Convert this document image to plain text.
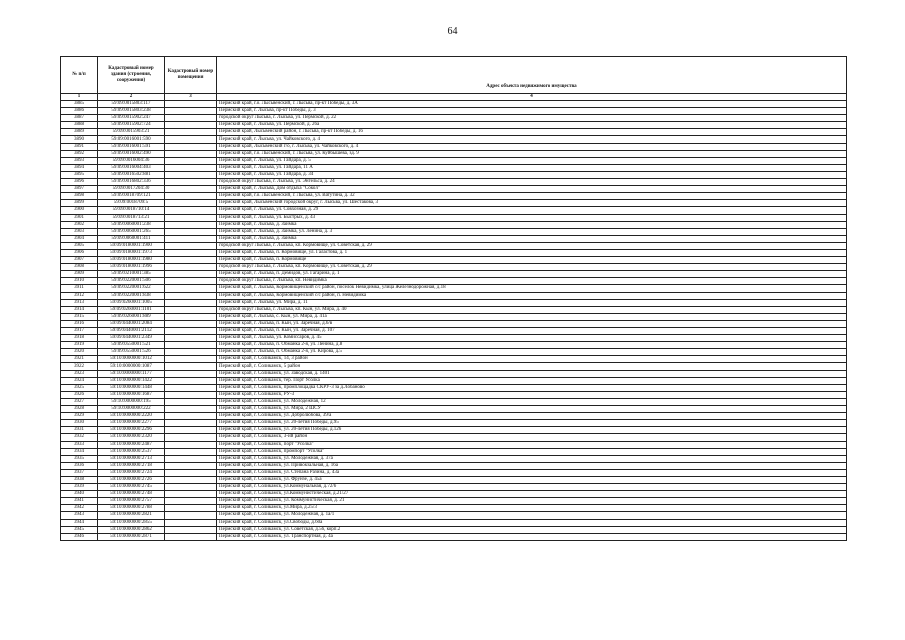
64
№ п/п	Кадастровый номер здания (строения, сооружения)	Кадастровый номер помещения	Адрес объекта недвижимого имущества
1	2	3	4
3885	59:09:0015803:117		Пермский край, г.о. Лысьвенский, г. Лысьва, пр-кт Победы, д. 3А
3886	59:09:0015803:238		Пермский край, г. Лысьва, пр-кт Победы, д. 3
3887	59:09:0015902:247		городской округ Лысьва, г. Лысьва, ул. Пермской, д. 22
3888	59:09:0015902:724		Пермский край, г. Лысьва, ул. Пермской, д. 26а
3889	59:09:0015903:21		Пермский край, Лысьвенский район, г. Лысьва, пр-кт Победы, д. 16
3890	59:09:0016001:590		Пермский край, г. Лысьва, ул. Чайковского, д. 4
3891	59:09:0016001:591		Пермский край, Лысьвенский г/о, г. Лысьва, ул. Чайковского, д. 4
3892	59:09:0016002:490		Пермский край, г.о. Лысьвенский, г. Лысьва, ул. Куйбышева, зд. 9
3893	59:09:0016004:36		Пермский край, г. Лысьва, ул. Гайдара, д. 5
3894	59:09:0016004:403		Пермский край, г. Лысьва, ул. Гайдара, 11 А
3895	59:09:0016502:881		Пермский край, г. Лысьва, ул. Гайдара, д. 34
3896	59:09:0016802:336		городской округ Лысьва, г. Лысьва, ул. Энгельса, д. 24
3897	59:09:0017204:30		Пермский край, г. Лысьва, Дом отдыха "Сокол"
3898	59:09:0018709:121		Пермский край, г.о. Лысьвенский, г. Лысьва, ул. Ватутина, д. 32
3899	59:09:0018709:5		Пермский край, Лысьвенский городской округ, г. Лысьва, ул. Шестакова, 3
3900	59:09:0018710:14		Пермский край, г. Лысьва, ул. Совхозная, д. 29
3901	59:09:0018713:21		Пермский край, г. Лысьва, ул. Быстрых, д. 43
3902	59:09:0060001:238		Пермский край, г. Лысьва, д. Заимка
3903	59:09:0060001:265		Пермский край, г. Лысьва, д. Заимка, ул. Ленина, д. 3
3904	59:09:0060001:411		Пермский край, г. Лысьва, д. Заимка
3905	59:09:0180001:1900		городской округ Лысьва, г. Лысьва, кп. Кормовище, ул. Советская, д. 29
3906	59:09:0180001:1973		Пермский край, г. Лысьва, п. Кормовище, ул. Галастова, д. 1
3907	59:09:0180001:1980		Пермский край, г. Лысьва, п. Кормовище
3908	59:09:0180001:1996		городской округ Лысьва, г. Лысьва, кп. Кормовище, ул. Советская, д. 29
3909	59:09:0210001:385		Пермский край, г. Лысьва, п. Демидов, ул. Гагарина, д. 1
3910	59:09:0220001:506		городской округ Лысьва, г. Лысьва, кп. Невидимка
3911	59:09:0220001:622		Пермский край, г. Лысьва, Кормовищенский с/с район, поселок Невидимка, улица Железнодорожная, д.18
3912	59:09:0220001:838		Пермский край, г. Лысьва, Кормовищенский с/с район, п. Невидимка
3913	59:09:0260001:1005		Пермский край, г. Лысьва, ул. Мира, д. 11
3914	59:09:0260001:1101		городской округ Лысьва, г. Лысьва, кп. Кын, ул. Мира, д. 40
3915	59:09:0260001:889		Пермский край, г. Лысьва, с. Кын, ул. Мира, д. 41а
3916	59:09:0440001:2084		Пермский край, г. Лысьва, п. Кын, ул. Заречная, д.6/в
3917	59:09:0440001:2112		Пермский край, г. Лысьва, п. Кын, ул. Заречная, д. 107
3918	59:09:0440001:2349		Пермский край, г. Лысьва, ул. Комиссаров, д. 45
3919	59:09:0550001:521		Пермский край, г. Лысьва, п. Обманка 2-я, ул. Ленина, д.8
3920	59:09:0550001:526		Пермский край, г. Лысьва, п. Обманка 2-я, ул. Кирова, д.5
3921	59:10:0000000:1012		Пермский край, г. Соликамск, 14, 3 район
3922	59:10:0000000:1087		Пермский край, г. Соликамск, 5 район
3923	59:10:0000000:1177		Пермский край, г. Соликамск, ул. Заводская, д. 1401
3924	59:10:0000000:1422		Пермский край, г. Соликамск, тер. Порт Усолка
3925	59:10:0000000:1448		Пермский край, г. Соликамск, промплощадка СКРУ-3 за д.Лобаново
3926	59:10:0000000:1687		Пермский край, г. Соликамск, РУ-3
3927	59:10:0000000:195		Пермский край, г. Соликамск, ул. Молодежная, 12
3928	59:10:0000000:222		Пермский край, г. Соликамск, ул. Мира, 2 ШСУ
3929	59:10:0000000:2220		Пермский край, г. Соликамск, ул. Добролюбова, 39/а
3930	59:10:0000000:2277		Пермский край, г. Соликамск, ул. 20-летия Победы, д.95
3931	59:10:0000000:2296		Пермский край, г. Соликамск, ул. 20-летия Победы, д.126
3932	59:10:0000000:2320		Пермский край, г. Соликамск, 3-ий район
3933	59:10:0000000:2487		Пермский край, г. Соликамск, порт "Усолка"
3934	59:10:0000000:2537		Пермский край, г. Соликамск, промпорт "Усолка"
3935	59:10:0000000:2713		Пермский край, г. Соликамск, ул. Молодежная, д. 37а
3936	59:10:0000000:2718		Пермский край, г. Соликамск, ул. Привокзальная, д. 16а
3937	59:10:0000000:2724		Пермский край, г. Соликамск, ул. Степана Разина, д. 43а
3938	59:10:0000000:2726		Пермский край, г. Соликамск, ул. Фрунзе, д. 45а
3939	59:10:0000000:2745		Пермский край, г. Соликамск, ул.Коммунальная, д.72/б
3940	59:10:0000000:2748		Пермский край, г. Соликамск, ул.Коммунистическая, д.21/27
3941	59:10:0000000:2757		Пермский край, г. Соликамск, ул. Коммунистическая, д. 21
3942	59:10:0000000:2788		Пермский край, г. Соликамск, ул.Мира, д.25/3
3943	59:10:0000000:2821		Пермский край, г. Соликамск, ул. Молодежная, д. 1а/1
3944	59:10:0000000:2855		Пермский край, г. Соликамск, ул.Свободы, д.60а
3945	59:10:0000000:2862		Пермский край, г. Соликамск, ул. Советская, д.56, корп.2
3946	59:10:0000000:2871		Пермский край, г. Соликамск, ул. Транспортная, д. 4а
